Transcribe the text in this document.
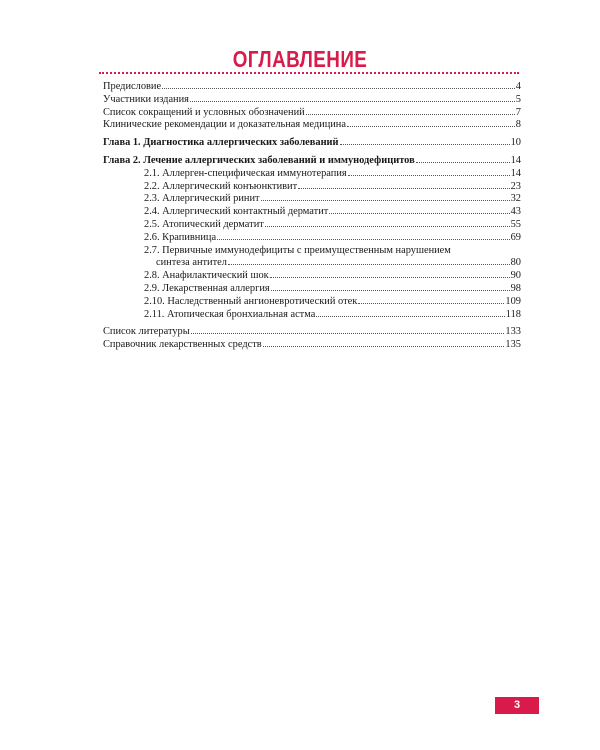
ОГЛАВЛЕНИЕ
Предисловие	4
Участники издания	5
Список сокращений и условных обозначений	7
Клинические рекомендации и доказательная медицина	8
Глава 1. Диагностика аллергических заболеваний	10
Глава 2. Лечение аллергических заболеваний и иммунодефицитов	14
2.1. Аллерген-специфическая иммунотерапия	14
2.2. Аллергический конъюнктивит	23
2.3. Аллергический ринит	32
2.4. Аллергический контактный дерматит	43
2.5. Атопический дерматит	55
2.6. Крапивница	69
2.7. Первичные иммунодефициты с преимущественным нарушением
синтеза антител	80
2.8. Анафилактический шок	90
2.9. Лекарственная аллергия	98
2.10. Наследственный ангионевротический отек	109
2.11. Атопическая бронхиальная астма	118
Список литературы	133
Справочник лекарственных средств	135
3
